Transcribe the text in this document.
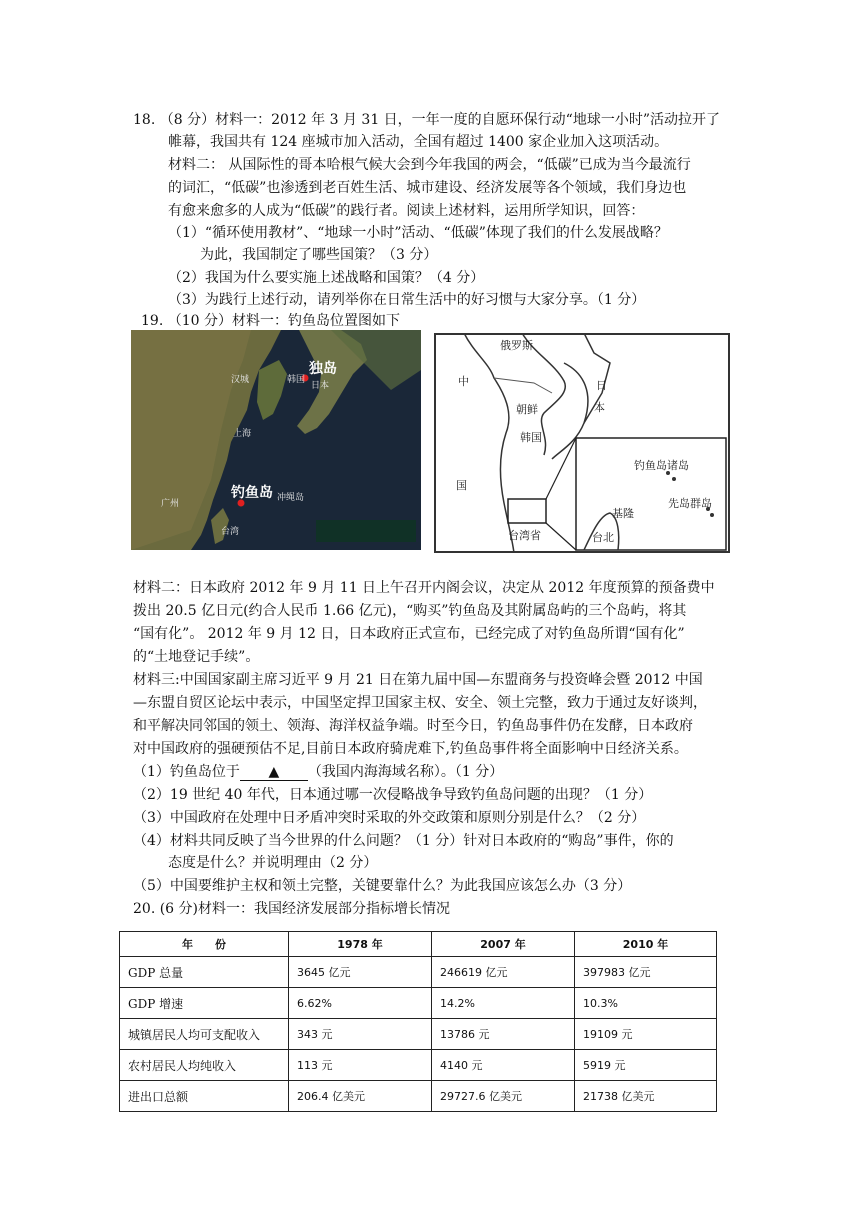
18. （8 分）材料一：2012 年 3 月 31 日，一年一度的自愿环保行动“地球一小时”活动拉开了
帷幕，我国共有 124 座城市加入活动，全国有超过 1400 家企业加入这项活动。
材料二： 从国际性的哥本哈根气候大会到今年我国的两会，“低碳”已成为当今最流行
的词汇，“低碳”也渗透到老百姓生活、城市建设、经济发展等各个领域，我们身边也
有愈来愈多的人成为“低碳”的践行者。阅读上述材料，运用所学知识，回答：
（1）“循环使用教材”、“地球一小时”活动、“低碳”体现了我们的什么发展战略？
为此，我国制定了哪些国策？（3 分）
（2）我国为什么要实施上述战略和国策？（4 分）
（3）为践行上述行动，请列举你在日常生活中的好习惯与大家分享。（1 分）
19. （10 分）材料一：钓鱼岛位置图如下
独岛
日本
韩国
汉城
上海
钓鱼岛 冲绳岛
台湾
广州
俄罗斯
中
国
日
本
朝鲜
韩国
钓鱼岛诸岛
先岛群岛
基隆
台湾省	台北
材料二：日本政府 2012 年 9 月 11 日上午召开内阁会议，决定从 2012 年度预算的预备费中
拨出 20.5 亿日元(约合人民币 1.66 亿元)，“购买”钓鱼岛及其附属岛屿的三个岛屿，将其
“国有化”。 2012 年 9 月 12 日，日本政府正式宣布，已经完成了对钓鱼岛所谓“国有化”
的“土地登记手续”。
材料三:中国国家副主席习近平 9 月 21 日在第九届中国—东盟商务与投资峰会暨 2012 中国
—东盟自贸区论坛中表示，中国坚定捍卫国家主权、安全、领土完整，致力于通过友好谈判，
和平解决同邻国的领土、领海、海洋权益争端。时至今日，钓鱼岛事件仍在发酵，日本政府
对中国政府的强硬预估不足,目前日本政府骑虎难下,钓鱼岛事件将全面影响中日经济关系。
（1）钓鱼岛位于 ▲ （我国内海海域名称）。（1 分）
（2）19 世纪 40 年代，日本通过哪一次侵略战争导致钓鱼岛问题的出现？（1 分）
（3）中国政府在处理中日矛盾冲突时采取的外交政策和原则分别是什么？（2 分）
（4）材料共同反映了当今世界的什么问题？（1 分）针对日本政府的“购岛”事件，你的
态度是什么？并说明理由（2 分）
（5）中国要维护主权和领土完整，关键要靠什么？为此我国应该怎么办（3 分）
20. (6 分)材料一：我国经济发展部分指标增长情况
年　　份	1978 年	2007 年	2010 年
GDP 总量	3645 亿元	246619 亿元	397983 亿元
GDP 增速	6.62%	14.2%	10.3%
城镇居民人均可支配收入	343 元	13786 元	19109 元
农村居民人均纯收入	113 元	4140 元	5919 元
进出口总额	206.4 亿美元	29727.6 亿美元	21738 亿美元
